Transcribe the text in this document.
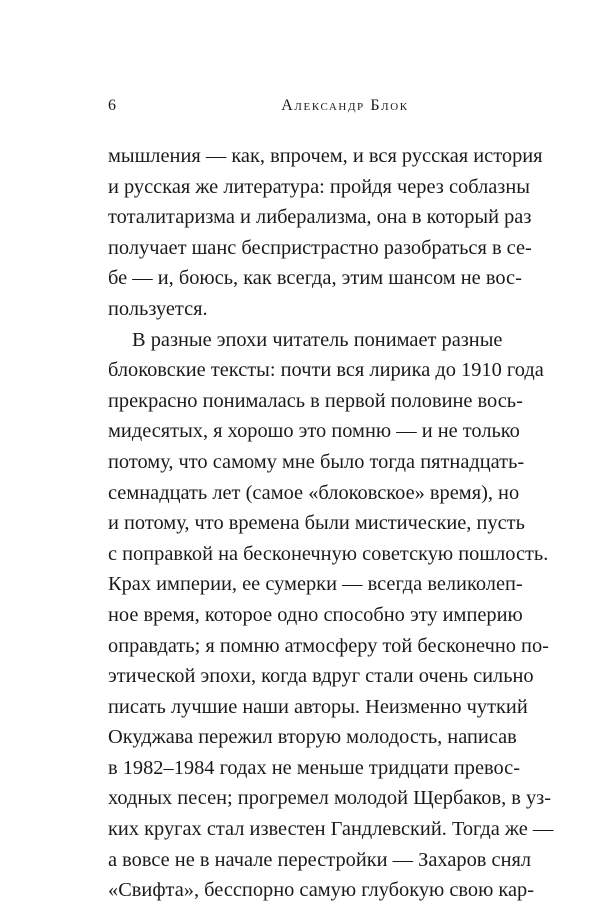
6	Александр Блок
мышления — как, впрочем, и вся русская история
и русская же литература: пройдя через соблазны
тоталитаризма и либерализма, она в который раз
получает шанс беспристрастно разобраться в се-
бе — и, боюсь, как всегда, этим шансом не вос-
пользуется.
В разные эпохи читатель понимает разные
блоковские тексты: почти вся лирика до 1910 года
прекрасно понималась в первой половине вось-
мидесятых, я хорошо это помню — и не только
потому, что самому мне было тогда пятнадцать-
семнадцать лет (самое «блоковское» время), но
и потому, что времена были мистические, пусть
с поправкой на бесконечную советскую пошлость.
Крах империи, ее сумерки — всегда великолеп-
ное время, которое одно способно эту империю
оправдать; я помню атмосферу той бесконечно по-
этической эпохи, когда вдруг стали очень сильно
писать лучшие наши авторы. Неизменно чуткий
Окуджава пережил вторую молодость, написав
в 1982–1984 годах не меньше тридцати превос-
ходных песен; прогремел молодой Щербаков, в уз-
ких кругах стал известен Гандлевский. Тогда же —
а вовсе не в начале перестройки — Захаров снял
«Свифта», бесспорно самую глубокую свою кар-
